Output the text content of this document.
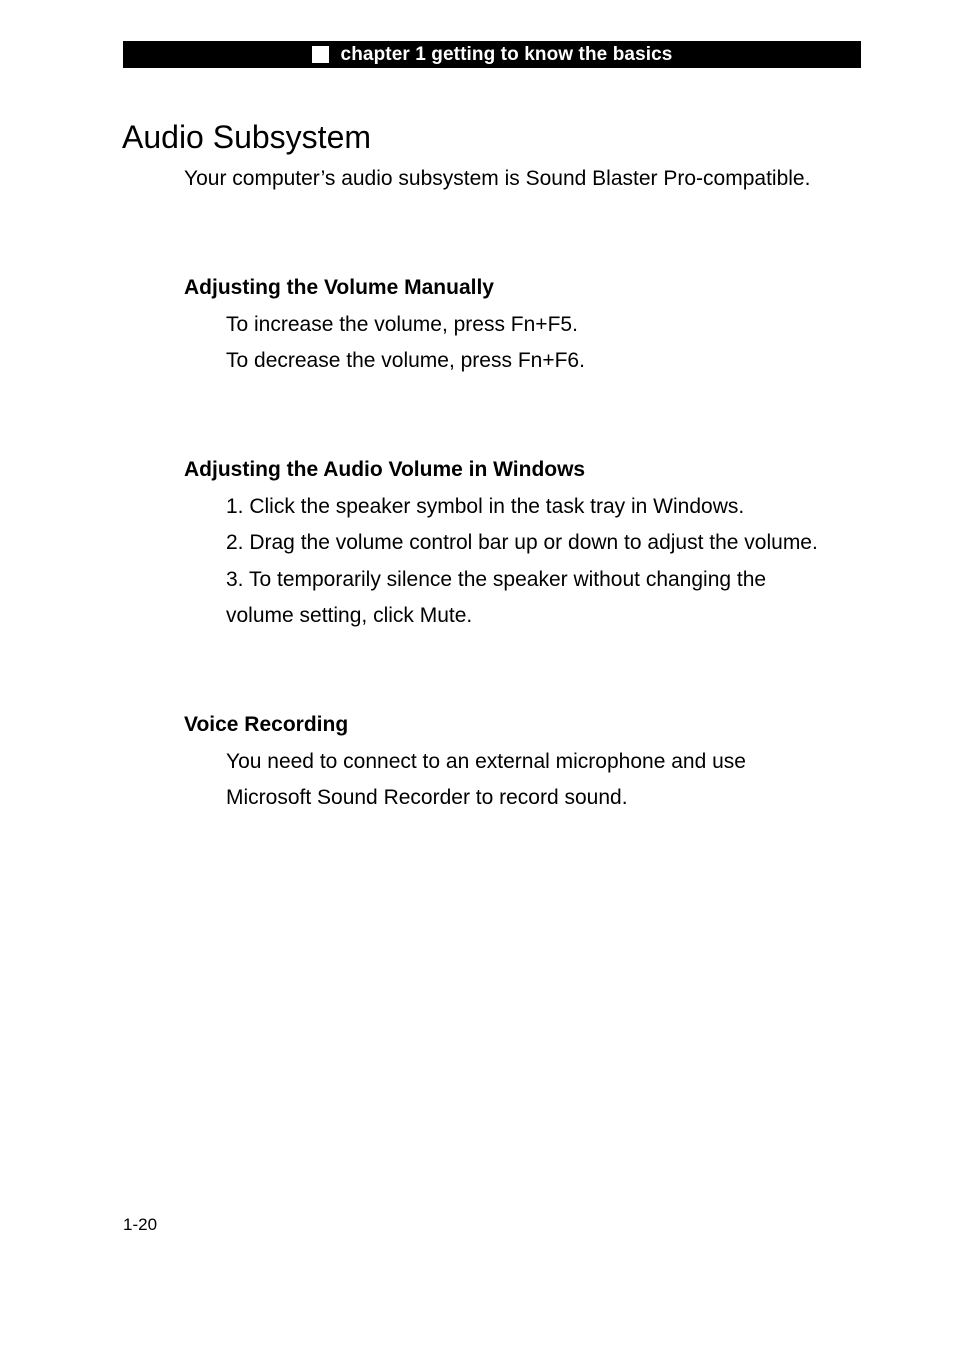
chapter 1 getting to know the basics
Audio Subsystem

Your computer’s audio subsystem is Sound Blaster Pro-compatible.

Adjusting the Volume Manually

To increase the volume, press Fn+F5.

To decrease the volume, press Fn+F6.

Adjusting the Audio Volume in Windows

1. Click the speaker symbol in the task tray in Windows.

2. Drag the volume control bar up or down to adjust the volume.

3. To temporarily silence the speaker without changing the

volume setting, click Mute.

Voice Recording

You need to connect to an external microphone and use

Microsoft Sound Recorder to record sound.

1-20
